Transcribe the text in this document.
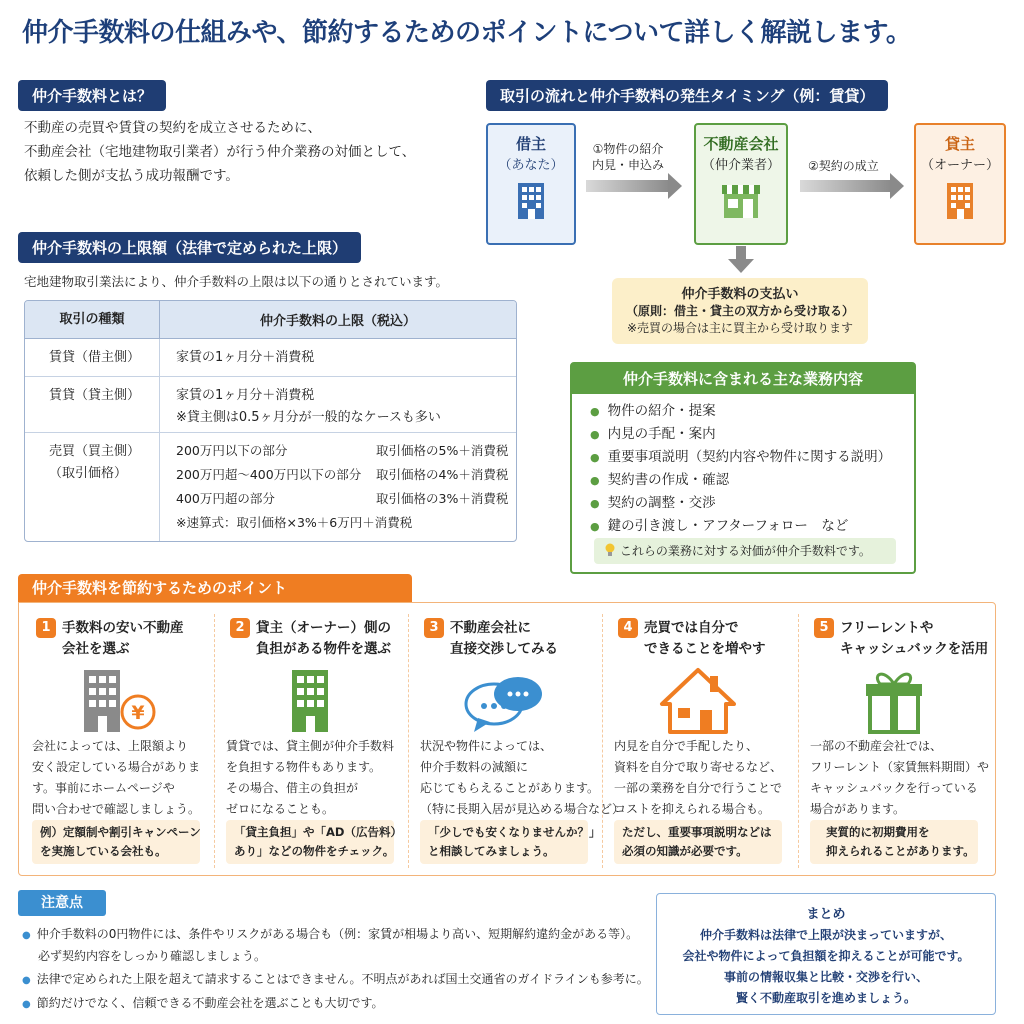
仲介手数料の仕組みや、節約するためのポイントについて詳しく解説します。
仲介手数料とは？
不動産の売買や賃貸の契約を成立させるために、
不動産会社（宅地建物取引業者）が行う仲介業務の対価として、
依頼した側が支払う成功報酬です。
仲介手数料の上限額（法律で定められた上限）
宅地建物取引業法により、仲介手数料の上限は以下の通りとされています。
取引の種類	仲介手数料の上限（税込）
賃貸（借主側）	家賃の1ヶ月分＋消費税
賃貸（貸主側）	家賃の1ヶ月分＋消費税
※貸主側は0.5ヶ月分が一般的なケースも多い
売買（買主側）
（取引価格）
200万円以下の部分	取引価格の5%＋消費税
200万円超〜400万円以下の部分	取引価格の4%＋消費税
400万円超の部分	取引価格の3%＋消費税
※速算式：取引価格×3%＋6万円＋消費税
取引の流れと仲介手数料の発生タイミング（例：賃貸）
借主
（あなた）
①物件の紹介
内見・申込み
不動産会社
（仲介業者）	②契約の成立
貸主
（オーナー）
仲介手数料の支払い
（原則：借主・貸主の双方から受け取る）
※売買の場合は主に買主から受け取ります
仲介手数料に含まれる主な業務内容
● 物件の紹介・提案
● 内見の手配・案内
● 重要事項説明（契約内容や物件に関する説明）
● 契約書の作成・確認
● 契約の調整・交渉
● 鍵の引き渡し・アフターフォロー　など
これらの業務に対する対価が仲介手数料です。
仲介手数料を節約するためのポイント
1 手数料の安い不動産
会社を選ぶ
¥
会社によっては、上限額より
安く設定している場合がありま
す。事前にホームページや
問い合わせで確認しましょう。
例）定額制や割引キャンペーン
を実施している会社も。
2 貸主（オーナー）側の
負担がある物件を選ぶ
賃貸では、貸主側が仲介手数料
を負担する物件もあります。
その場合、借主の負担が
ゼロになることも。
「貸主負担」や「AD（広告料）
あり」などの物件をチェック。
3 不動産会社に
直接交渉してみる
状況や物件によっては、
仲介手数料の減額に
応じてもらえることがあります。
（特に長期入居が見込める場合など）
「少しでも安くなりませんか？」
と相談してみましょう。
4 売買では自分で
できることを増やす
内見を自分で手配したり、
資料を自分で取り寄せるなど、
一部の業務を自分で行うことで
コストを抑えられる場合も。
ただし、重要事項説明などは
必須の知識が必要です。
5 フリーレントや
キャッシュバックを活用
一部の不動産会社では、
フリーレント（家賃無料期間）や
キャッシュバックを行っている
場合があります。
実質的に初期費用を
抑えられることがあります。
注意点
● 仲介手数料の0円物件には、条件やリスクがある場合も（例：家賃が相場より高い、短期解約違約金がある等）。
必ず契約内容をしっかり確認しましょう。
● 法律で定められた上限を超えて請求することはできません。不明点があれば国土交通省のガイドラインも参考に。
● 節約だけでなく、信頼できる不動産会社を選ぶことも大切です。
まとめ
仲介手数料は法律で上限が決まっていますが、
会社や物件によって負担額を抑えることが可能です。
事前の情報収集と比較・交渉を行い、
賢く不動産取引を進めましょう。
